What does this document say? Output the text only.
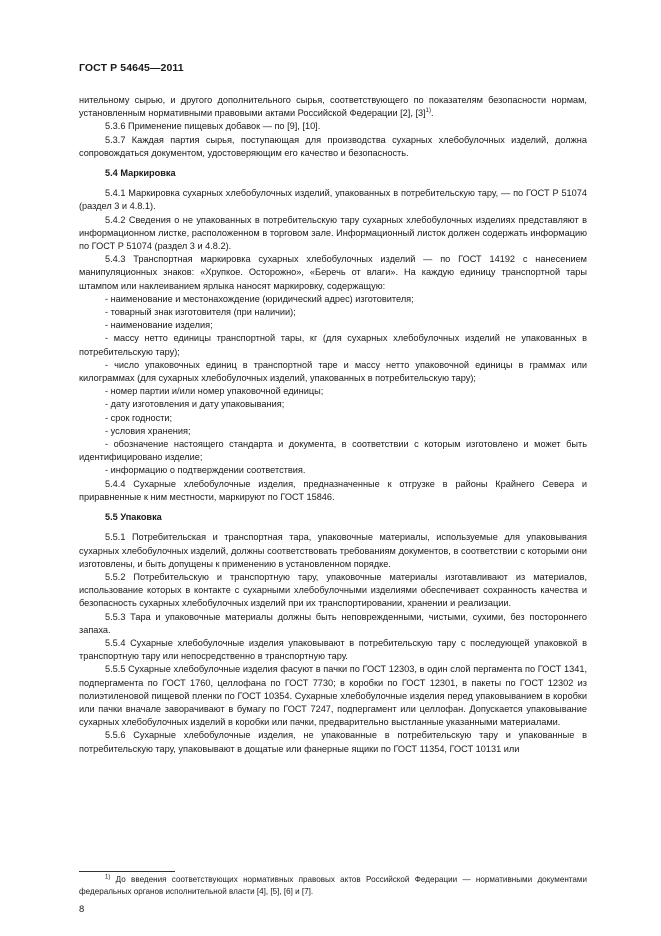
ГОСТ Р 54645—2011

нительному сырью, и другого дополнительного сырья, соответствующего по показателям безопасности нормам, установленным нормативными правовыми актами Российской Федерации [2], $[3]^{1)}$.

5.3.6 Применение пищевых добавок — по [9], [10].

5.3.7 Каждая партия сырья, поступающая для производства сухарных хлебобулочных изделий, должна сопровождаться документом, удостоверяющим его качество и безопасность.

5.4 Маркировка

5.4.1 Маркировка сухарных хлебобулочных изделий, упакованных в потребительскую тару, — по ГОСТ Р 51074 (раздел 3 и 4.8.1).

5.4.2 Сведения о не упакованных в потребительскую тару сухарных хлебобулочных изделиях представляют в информационном листке, расположенном в торговом зале. Информационный листок должен содержать информацию по ГОСТ Р 51074 (раздел 3 и 4.8.2).

5.4.3 Транспортная маркировка сухарных хлебобулочных изделий — по ГОСТ 14192 с нанесением манипуляционных знаков: «Хрупкое. Осторожно», «Беречь от влаги». На каждую единицу транспортной тары штампом или наклеиванием ярлыка наносят маркировку, содержащую:

- наименование и местонахождение (юридический адрес) изготовителя;

- товарный знак изготовителя (при наличии);

- наименование изделия;

- массу нетто единицы транспортной тары, кг (для сухарных хлебобулочных изделий не упакованных в потребительскую тару);

- число упаковочных единиц в транспортной таре и массу нетто упаковочной единицы в граммах или килограммах (для сухарных хлебобулочных изделий, упакованных в потребительскую тару);

- номер партии и/или номер упаковочной единицы;

- дату изготовления и дату упаковывания;

- срок годности;

- условия хранения;

- обозначение настоящего стандарта и документа, в соответствии с которым изготовлено и может быть идентифицировано изделие;

- информацию о подтверждении соответствия.

5.4.4 Сухарные хлебобулочные изделия, предназначенные к отгрузке в районы Крайнего Севера и приравненные к ним местности, маркируют по ГОСТ 15846.

5.5 Упаковка

5.5.1 Потребительская и транспортная тара, упаковочные материалы, используемые для упаковывания сухарных хлебобулочных изделий, должны соответствовать требованиям документов, в соответствии с которыми они изготовлены, и быть допущены к применению в установленном порядке.

5.5.2 Потребительскую и транспортную тару, упаковочные материалы изготавливают из материалов, использование которых в контакте с сухарными хлебобулочными изделиями обеспечивает сохранность качества и безопасность сухарных хлебобулочных изделий при их транспортировании, хранении и реализации.

5.5.3 Тара и упаковочные материалы должны быть неповрежденными, чистыми, сухими, без постороннего запаха.

5.5.4 Сухарные хлебобулочные изделия упаковывают в потребительскую тару с последующей упаковкой в транспортную тару или непосредственно в транспортную тару.

5.5.5 Сухарные хлебобулочные изделия фасуют в пачки по ГОСТ 12303, в один слой пергамента по ГОСТ 1341, подпергамента по ГОСТ 1760, целлофана по ГОСТ 7730; в коробки по ГОСТ 12301, в пакеты по ГОСТ 12302 из полиэтиленовой пищевой пленки по ГОСТ 10354. Сухарные хлебобулочные изделия перед упаковыванием в коробки или пачки вначале заворачивают в бумагу по ГОСТ 7247, подпергамент или целлофан. Допускается упаковывание сухарных хлебобулочных изделий в коробки или пачки, предварительно выстланные указанными материалами.

5.5.6 Сухарные хлебобулочные изделия, не упакованные в потребительскую тару и упакованные в потребительскую тару, упаковывают в дощатые или фанерные ящики по ГОСТ 11354, ГОСТ 10131 или

$^{1)}$ До введения соответствующих нормативных правовых актов Российской Федерации — нормативными документами федеральных органов исполнительной власти [4], [5], [6] и [7].

8
